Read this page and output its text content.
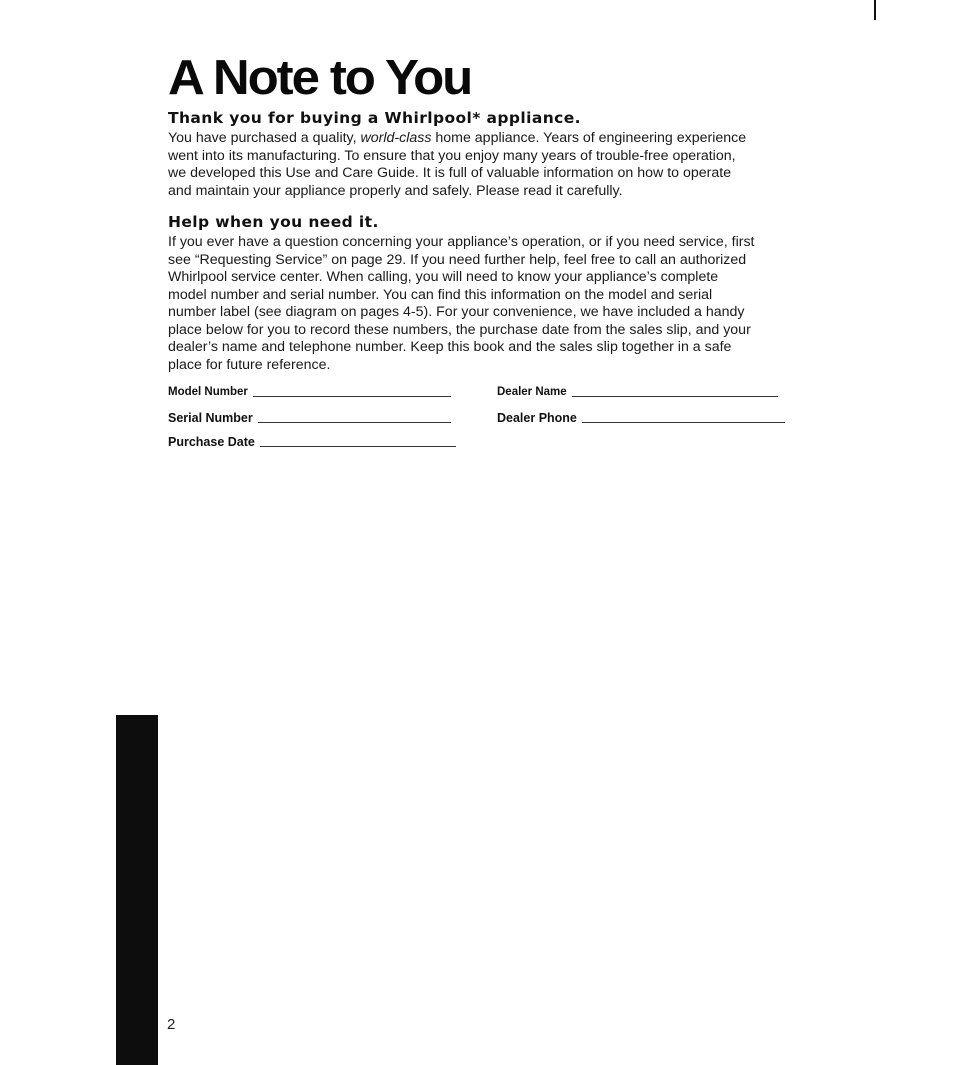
A Note to You
Thank you for buying a Whirlpool* appliance.

You have purchased a quality, world-class home appliance. Years of engineering experience
went into its manufacturing. To ensure that you enjoy many years of trouble-free operation,
we developed this Use and Care Guide. It is full of valuable information on how to operate
and maintain your appliance properly and safely. Please read it carefully.

Help when you need it.

If you ever have a question concerning your appliance’s operation, or if you need service, first
see “Requesting Service” on page 29. If you need further help, feel free to call an authorized
Whirlpool service center. When calling, you will need to know your appliance’s complete
model number and serial number. You can find this information on the model and serial
number label (see diagram on pages 4-5). For your convenience, we have included a handy
place below for you to record these numbers, the purchase date from the sales slip, and your
dealer’s name and telephone number. Keep this book and the sales slip together in a safe
place for future reference.

Model Number
Serial Number
Purchase Date
Dealer Name
Dealer Phone
2
